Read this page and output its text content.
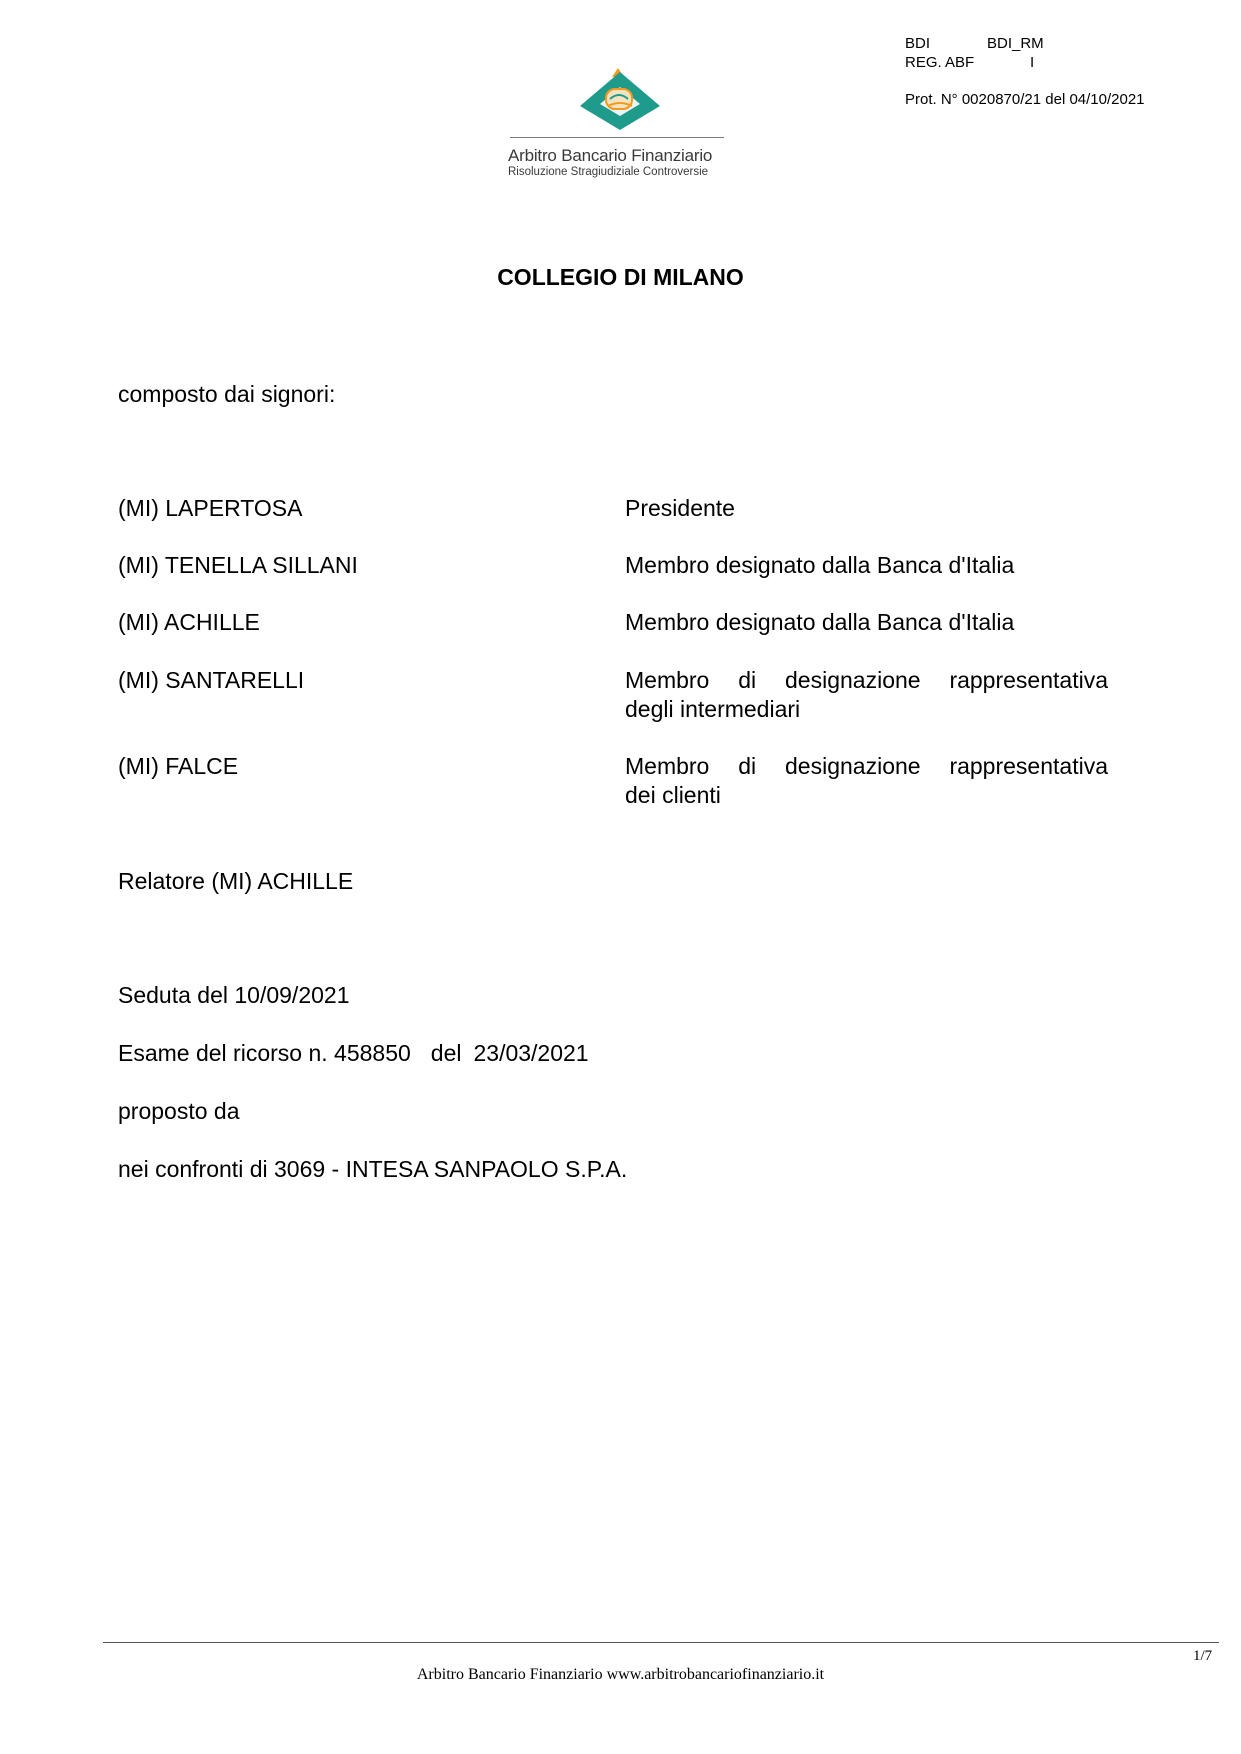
BDI	BDI_RM
REG. ABF	I
Prot. N° 0020870/21 del 04/10/2021
Arbitro Bancario Finanziario
Risoluzione Stragiudiziale Controversie
COLLEGIO DI MILANO
composto dai signori:
(MI) LAPERTOSA	Presidente
(MI) TENELLA SILLANI	Membro designato dalla Banca d'Italia
(MI) ACHILLE	Membro designato dalla Banca d'Italia
(MI) SANTARELLI	Membro di designazione rappresentativa
degli intermediari
(MI) FALCE	Membro di designazione rappresentativa
dei clienti
Relatore (MI) ACHILLE
Seduta del 10/09/2021
Esame del ricorso n. 458850 del 23/03/2021
proposto da
nei confronti di 3069 - INTESA SANPAOLO S.P.A.
1/7
Arbitro Bancario Finanziario www.arbitrobancariofinanziario.it
